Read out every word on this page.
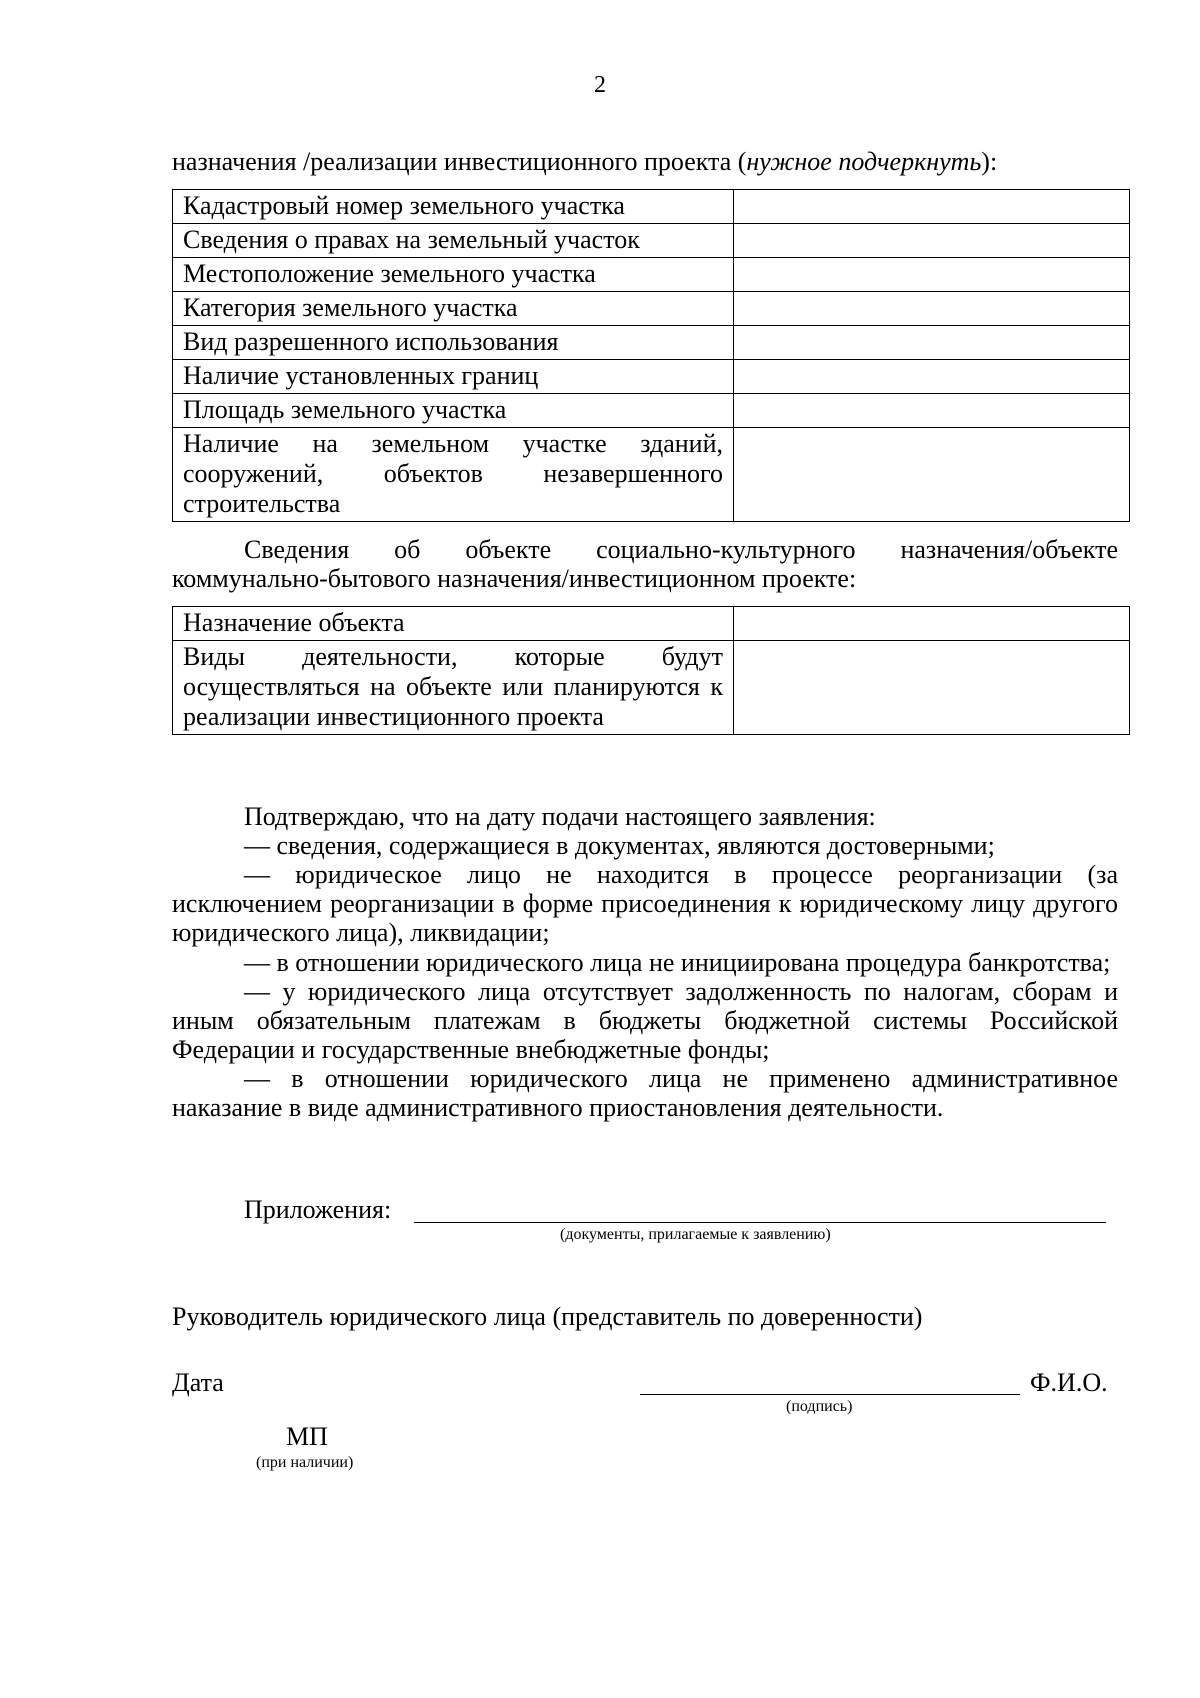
2
назначения /реализации инвестиционного проекта (нужное подчеркнуть):
Кадастровый номер земельного участка	
Сведения о правах на земельный участок	
Местоположение земельного участка	
Категория земельного участка	
Вид разрешенного использования	
Наличие установленных границ	
Площадь земельного участка	
Наличие на земельном участке зданий, сооружений, объектов незавершенного строительства	
Сведения об объекте социально-культурного назначения/объекте коммунально-бытового назначения/инвестиционном проекте:
Назначение объекта	
Виды деятельности, которые будут осуществляться на объекте или планируются к реализации инвестиционного проекта	

Подтверждаю, что на дату подачи настоящего заявления:

— сведения, содержащиеся в документах, являются достоверными;

— юридическое лицо не находится в процессе реорганизации (за исключением реорганизации в форме присоединения к юридическому лицу другого юридического лица), ликвидации;

— в отношении юридического лица не инициирована процедура банкротства;

— у юридического лица отсутствует задолженность по налогам, сборам и иным обязательным платежам в бюджеты бюджетной системы Российской Федерации и государственные внебюджетные фонды;

— в отношении юридического лица не применено административное наказание в виде административного приостановления деятельности.

Приложения:
(документы, прилагаемые к заявлению)
Руководитель юридического лица (представитель по доверенности)
Дата	Ф.И.О.
(подпись)
МП
(при наличии)
